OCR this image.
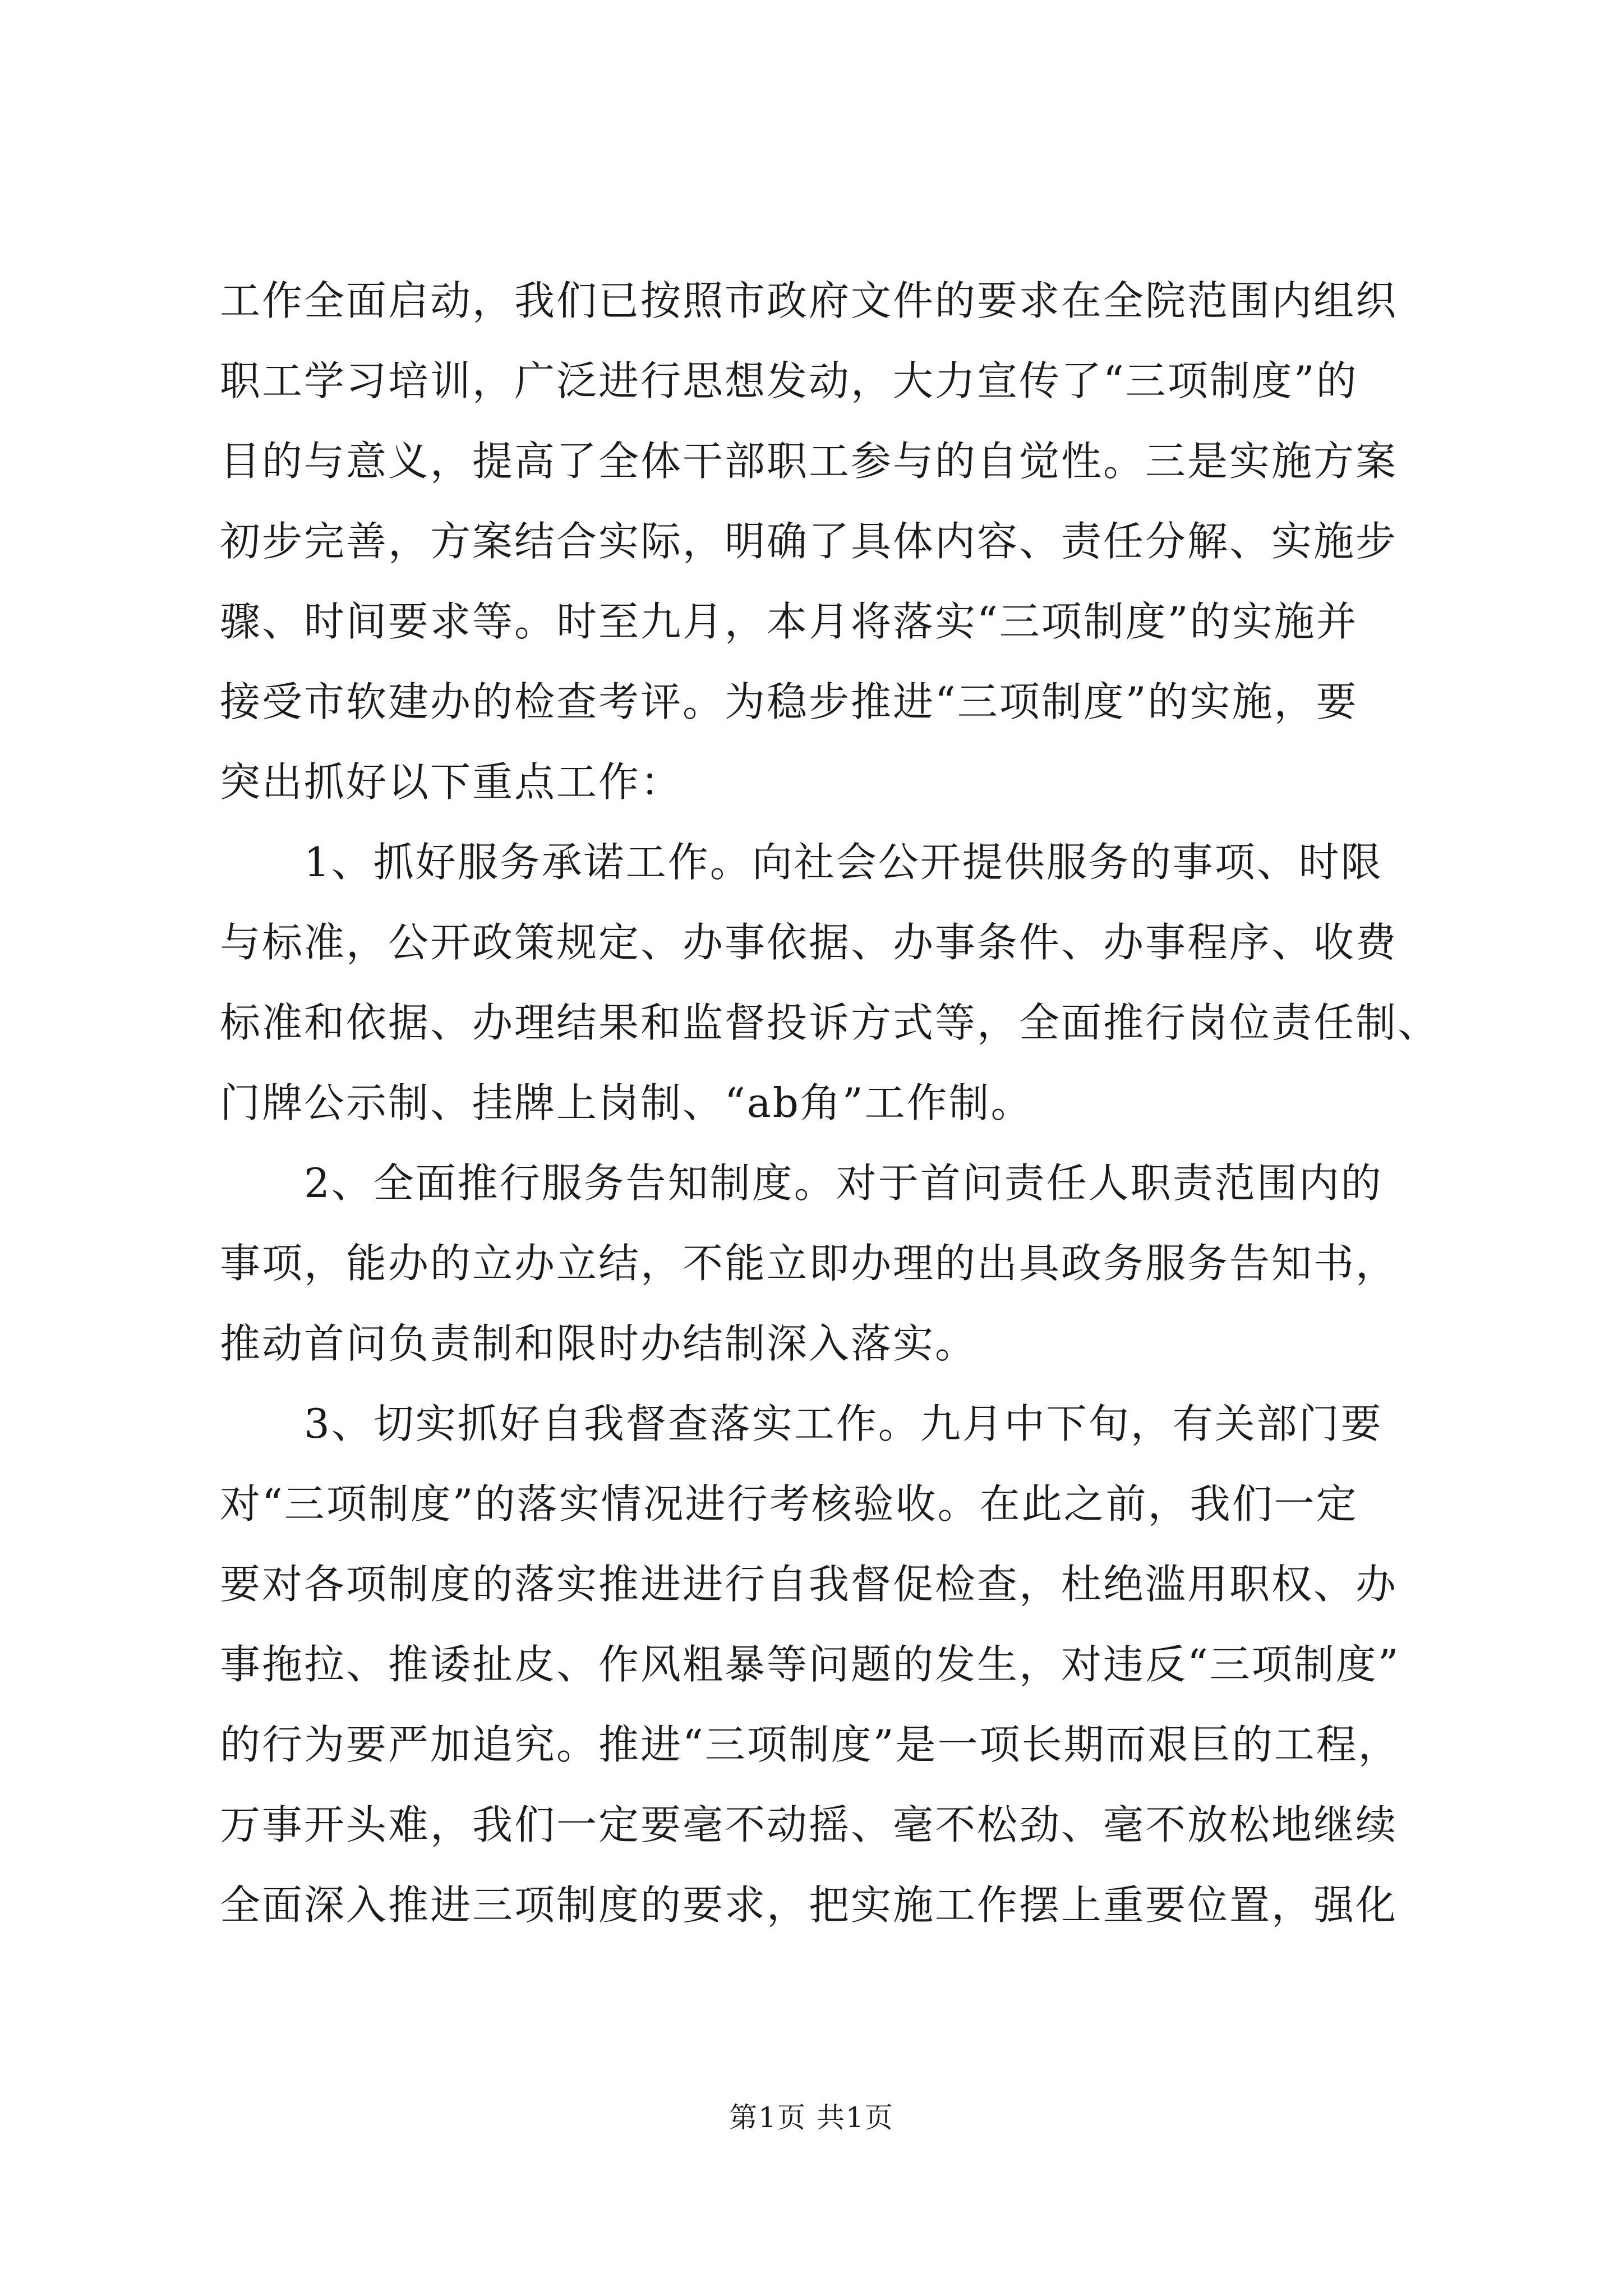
工作全面启动，我们已按照市政府文件的要求在全院范围内组织
职工学习培训，广泛进行思想发动，大力宣传了“三项制度”的
目的与意义，提高了全体干部职工参与的自觉性。三是实施方案
初步完善，方案结合实际，明确了具体内容、责任分解、实施步
骤、时间要求等。时至九月，本月将落实“三项制度”的实施并
接受市软建办的检查考评。为稳步推进“三项制度”的实施，要
突出抓好以下重点工作：
1、抓好服务承诺工作。向社会公开提供服务的事项、时限
与标准，公开政策规定、办事依据、办事条件、办事程序、收费
标准和依据、办理结果和监督投诉方式等，全面推行岗位责任制、
门牌公示制、挂牌上岗制、“ab角”工作制。
2、全面推行服务告知制度。对于首问责任人职责范围内的
事项，能办的立办立结，不能立即办理的出具政务服务告知书，
推动首问负责制和限时办结制深入落实。
3、切实抓好自我督查落实工作。九月中下旬，有关部门要
对“三项制度”的落实情况进行考核验收。在此之前，我们一定
要对各项制度的落实推进进行自我督促检查，杜绝滥用职权、办
事拖拉、推诿扯皮、作风粗暴等问题的发生，对违反“三项制度”
的行为要严加追究。推进“三项制度”是一项长期而艰巨的工程，
万事开头难，我们一定要毫不动摇、毫不松劲、毫不放松地继续
全面深入推进三项制度的要求，把实施工作摆上重要位置，强化
第1页 共1页
